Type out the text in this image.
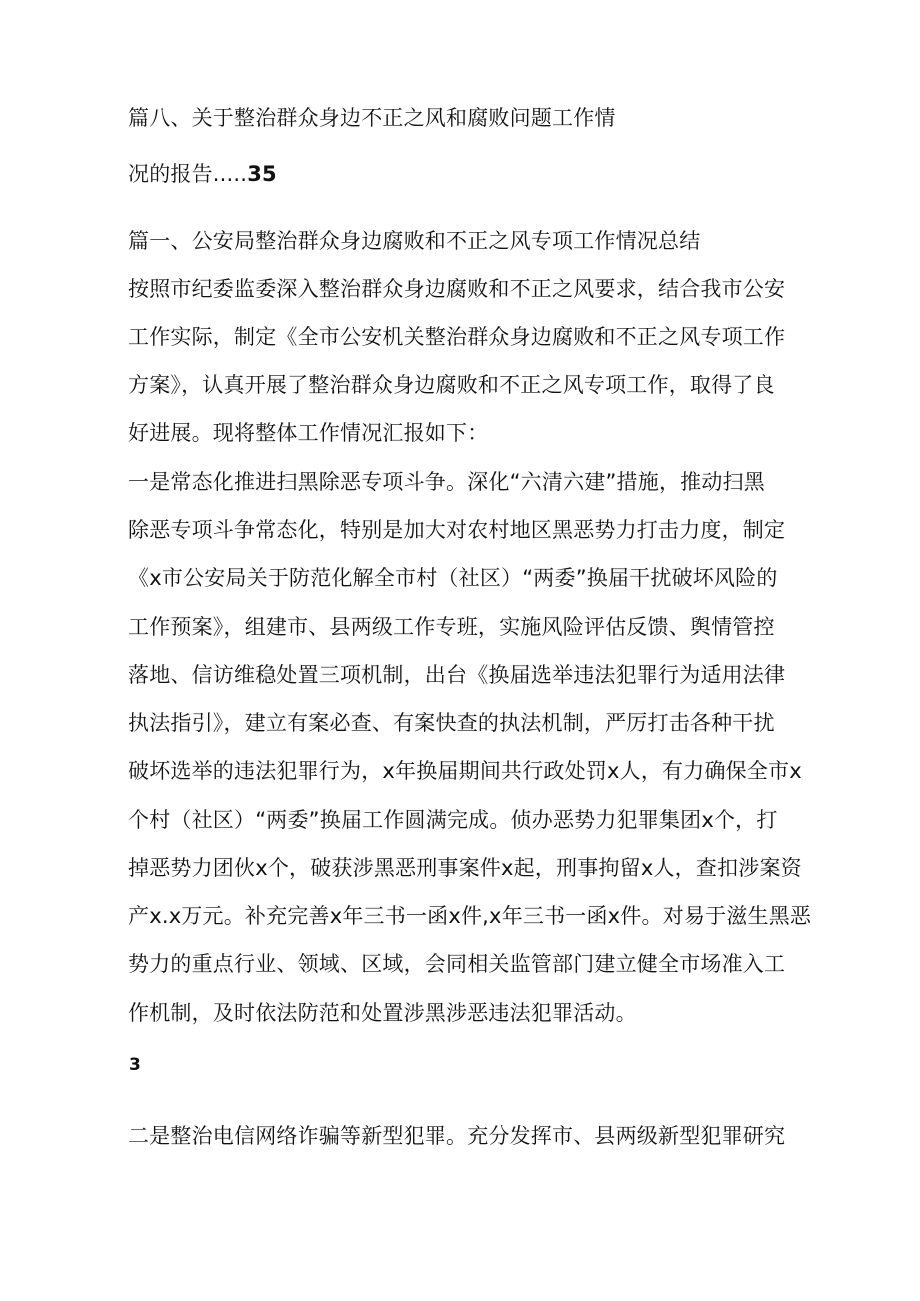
篇八、关于整治群众身边不正之风和腐败问题工作情
况的报告.....35
篇一、公安局整治群众身边腐败和不正之风专项工作情况总结
按照市纪委监委深入整治群众身边腐败和不正之风要求，结合我市公安
工作实际，制定《全市公安机关整治群众身边腐败和不正之风专项工作
方案》，认真开展了整治群众身边腐败和不正之风专项工作，取得了良
好进展。现将整体工作情况汇报如下：
一是常态化推进扫黑除恶专项斗争。深化“六清六建”措施，推动扫黑
除恶专项斗争常态化，特别是加大对农村地区黑恶势力打击力度，制定
《x市公安局关于防范化解全市村（社区）“两委”换届干扰破坏风险的
工作预案》，组建市、县两级工作专班，实施风险评估反馈、舆情管控
落地、信访维稳处置三项机制，出台《换届选举违法犯罪行为适用法律
执法指引》，建立有案必查、有案快查的执法机制，严厉打击各种干扰
破坏选举的违法犯罪行为，x年换届期间共行政处罚x人，有力确保全市x
个村（社区）“两委”换届工作圆满完成。侦办恶势力犯罪集团x个，打
掉恶势力团伙x个，破获涉黑恶刑事案件x起，刑事拘留x人，查扣涉案资
产x.x万元。补充完善x年三书一函x件,x年三书一函x件。对易于滋生黑恶
势力的重点行业、领域、区域，会同相关监管部门建立健全市场准入工
作机制，及时依法防范和处置涉黑涉恶违法犯罪活动。
3
二是整治电信网络诈骗等新型犯罪。充分发挥市、县两级新型犯罪研究
